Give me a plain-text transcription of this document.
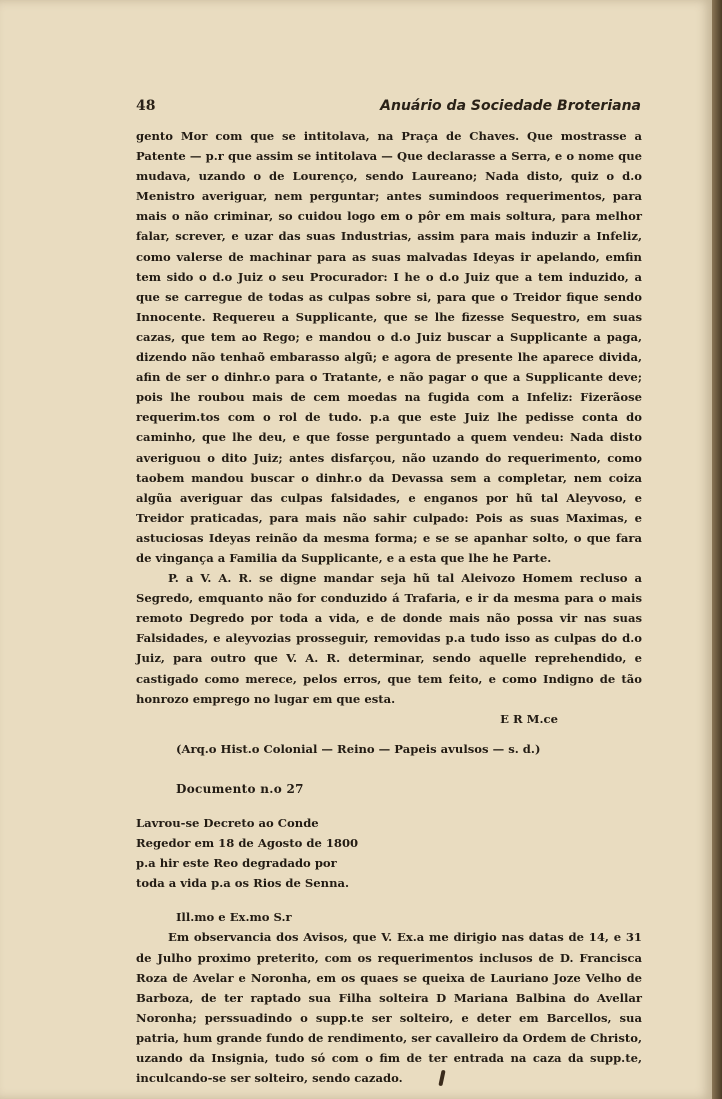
48	Anuário da Sociedade Broteriana

gento Mor com que se intitolava, na Praça de Chaves. Que mostrasse a Patente — p.r que assim se intitolava — Que declarasse a Serra, e o nome que mudava, uzando o de Lourenço, sendo Laureano; Nada disto, quiz o d.o Menistro averiguar, nem perguntar; antes sumindoos requerimentos, para mais o não criminar, so cuidou logo em o pôr em mais soltura, para melhor falar, screver, e uzar das suas Industrias, assim para mais induzir a Infeliz, como valerse de machinar para as suas malvadas Ideyas ir apelando, emfin tem sido o d.o Juiz o seu Procurador: I he o d.o Juiz que a tem induzido, a que se carregue de todas as culpas sobre si, para que o Treidor fique sendo Innocente. Requereu a Supplicante, que se lhe fizesse Sequestro, em suas cazas, que tem ao Rego; e mandou o d.o Juiz buscar a Supplicante a paga, dizendo não tenhaõ embarasso algũ; e agora de presente lhe aparece divida, afin de ser o dinhr.o para o Tratante, e não pagar o que a Supplicante deve; pois lhe roubou mais de cem moedas na fugida com a Infeliz: Fizerãose requerim.tos com o rol de tudo. p.a que este Juiz lhe pedisse conta do caminho, que lhe deu, e que fosse perguntado a quem vendeu: Nada disto averiguou o dito Juiz; antes disfarçou, não uzando do requerimento, como taobem mandou buscar o dinhr.o da Devassa sem a completar, nem coiza algũa averiguar das culpas falsidades, e enganos por hũ tal Aleyvoso, e Treidor praticadas, para mais não sahir culpado: Pois as suas Maximas, e astuciosas Ideyas reinão da mesma forma; e se se apanhar solto, o que fara de vingança a Familia da Supplicante, e a esta que lhe he Parte.

P. a V. A. R. se digne mandar seja hũ tal Aleivozo Homem recluso a Segredo, emquanto não for conduzido á Trafaria, e ir da mesma para o mais remoto Degredo por toda a vida, e de donde mais não possa vir nas suas Falsidades, e aleyvozias prosseguir, removidas p.a tudo isso as culpas do d.o Juiz, para outro que V. A. R. determinar, sendo aquelle reprehendido, e castigado como merece, pelos erros, que tem feito, e como Indigno de tão honrozo emprego no lugar em que esta.

E R M.ce

(Arq.o Hist.o Colonial — Reino — Papeis avulsos — s. d.)

Documento n.o 27

Lavrou-se Decreto ao Conde Regedor em 18 de Agosto de 1800 p.a hir este Reo degradado por toda a vida p.a os Rios de Senna.

Ill.mo e Ex.mo S.r

Em observancia dos Avisos, que V. Ex.a me dirigio nas datas de 14, e 31 de Julho proximo preterito, com os requerimentos inclusos de D. Francisca Roza de Avelar e Noronha, em os quaes se queixa de Lauriano Joze Velho de Barboza, de ter raptado sua Filha solteira D Mariana Balbina do Avellar Noronha; perssuadindo o supp.te ser solteiro, e deter em Barcellos, sua patria, hum grande fundo de rendimento, ser cavalleiro da Ordem de Christo, uzando da Insignia, tudo só com o fim de ter entrada na caza da supp.te, inculcando-se ser solteiro, sendo cazado.
